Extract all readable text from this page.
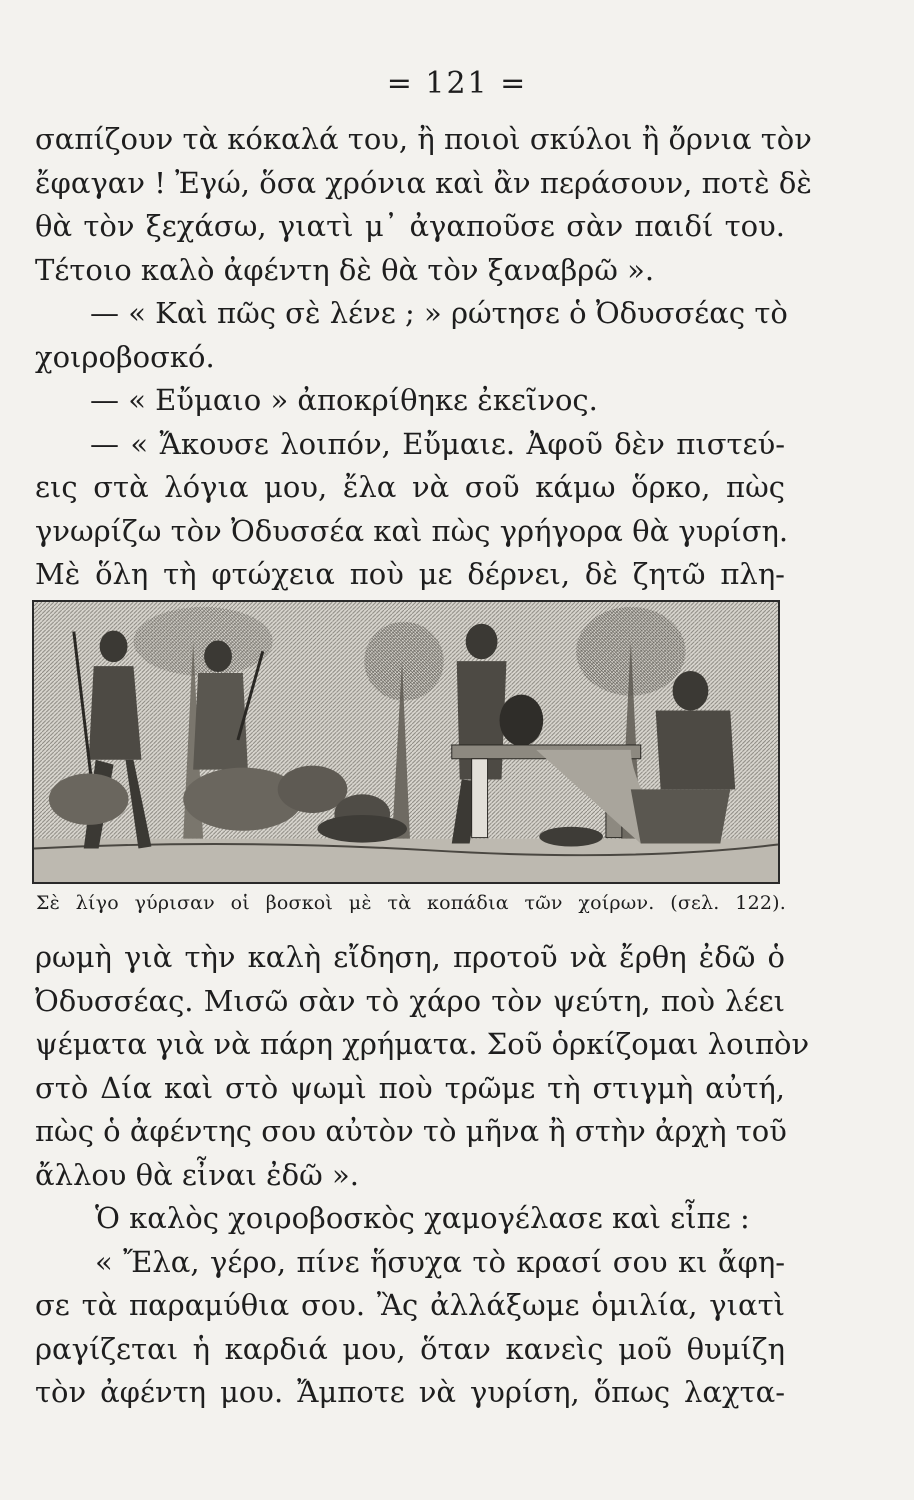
= 121 =
σαπίζουν τὰ κόκαλά του, ἢ ποιοὶ σκύλοι ἢ ὄρνια τὸν
ἔφαγαν ! Ἐγώ, ὅσα χρόνια καὶ ἂν περάσουν, ποτὲ δὲ
θὰ τὸν ξεχάσω, γιατὶ μ᾽ ἀγαποῦσε σὰν παιδί του.
Τέτοιο καλὸ ἀφέντη δὲ θὰ τὸν ξαναβρῶ ».
— « Καὶ πῶς σὲ λένε ; » ρώτησε ὁ Ὀδυσσέας τὸ
χοιροβοσκό.
— « Εὔμαιο » ἀποκρίθηκε ἐκεῖνος.
— « Ἄκουσε λοιπόν, Εὔμαιε. Ἀφοῦ δὲν πιστεύ-
εις στὰ λόγια μου, ἔλα νὰ σοῦ κάμω ὅρκο, πὼς
γνωρίζω τὸν Ὀδυσσέα καὶ πὼς γρήγορα θὰ γυρίση.
Μὲ ὅλη τὴ φτώχεια ποὺ με δέρνει, δὲ ζητῶ πλη-
Σὲ λίγο γύρισαν οἱ βοσκοὶ μὲ τὰ κοπάδια τῶν χοίρων. (σελ. 122).
ρωμὴ γιὰ τὴν καλὴ εἴδηση, προτοῦ νὰ ἔρθη ἐδῶ ὁ
Ὀδυσσέας. Μισῶ σὰν τὸ χάρο τὸν ψεύτη, ποὺ λέει
ψέματα γιὰ νὰ πάρη χρήματα. Σοῦ ὁρκίζομαι λοιπὸν
στὸ Δία καὶ στὸ ψωμὶ ποὺ τρῶμε τὴ στιγμὴ αὐτή,
πὼς ὁ ἀφέντης σου αὐτὸν τὸ μῆνα ἢ στὴν ἀρχὴ τοῦ
ἄλλου θὰ εἶναι ἐδῶ ».
Ὁ καλὸς χοιροβοσκὸς χαμογέλασε καὶ εἶπε :
« Ἔλα, γέρο, πίνε ἥσυχα τὸ κρασί σου κι ἄφη-
σε τὰ παραμύθια σου. Ἂς ἀλλάξωμε ὁμιλία, γιατὶ
ραγίζεται ἡ καρδιά μου, ὅταν κανεὶς μοῦ θυμίζη
τὸν ἀφέντη μου. Ἄμποτε νὰ γυρίση, ὅπως λαχτα-
